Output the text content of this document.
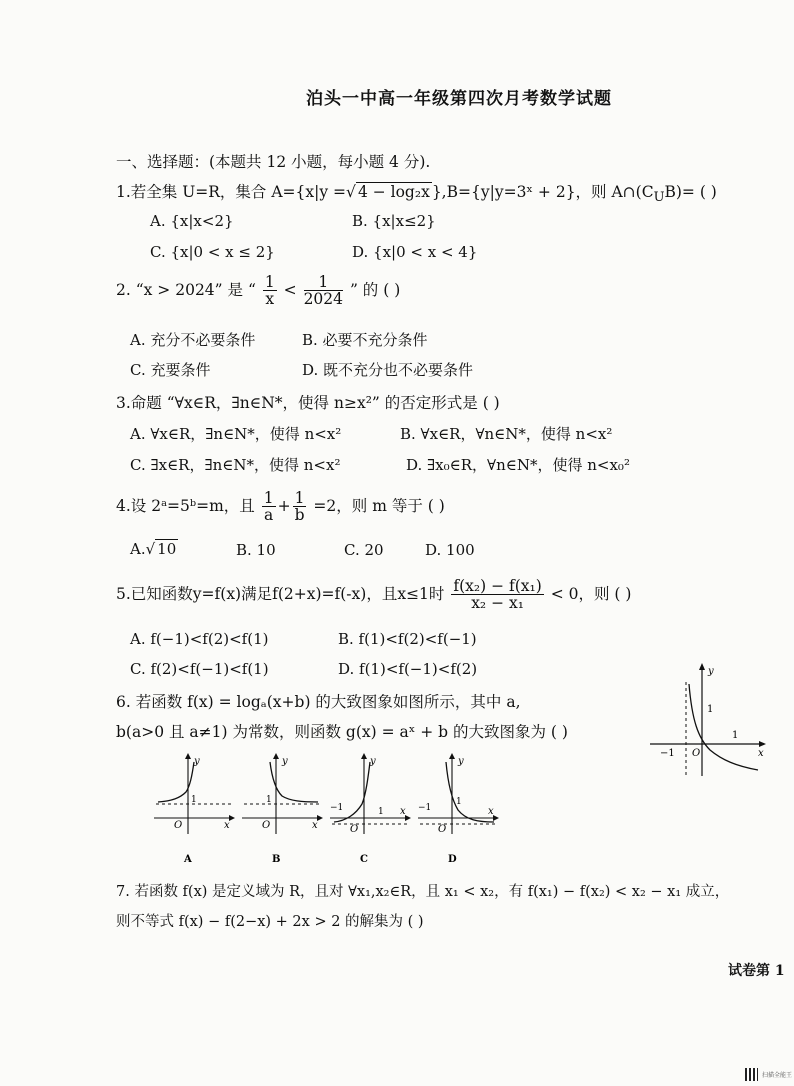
泊头一中高一年级第四次月考数学试题
一、选择题：(本题共 12 小题，每小题 4 分).
1.若全集 U=R，集合 A={x|y =√ 4 − log₂x },B={y|y=3ˣ + 2}，则 $A\cap(C_UB)=$ ( )
A. {x|x<2}	B. {x|x≤2}
C. {x|0 < x ≤ 2}	D. {x|0 < x < 4}
2. “x > 2024” 是 “ $\frac{1}{x} < \frac{1}{2024}$ ” 的 ( )
A. 充分不必要条件	B. 必要不充分条件
C. 充要条件	D. 既不充分也不必要条件
3.命题 “∀x∈R，∃n∈N*，使得 n≥x²” 的否定形式是 ( )
A. ∀x∈R，∃n∈N*，使得 n<x²	B. ∀x∈R，∀n∈N*，使得 n<x²
C. ∃x∈R，∃n∈N*，使得 n<x²	D. ∃x₀∈R，∀n∈N*，使得 n<x₀²
4.设 2ᵃ=5ᵇ=m，且 $\frac{1}{a} + \frac{1}{b} =2$，则 m 等于 ( )
A.√ 10	B. 10	C. 20	D. 100
5.已知函数y=f(x)满足f(2+x)=f(-x)，且x≤1时 $\frac{\text{f(x₂) − f(x₁)}}{\text{x₂ − x₁}} < 0$，则 ( )
A. f(−1)<f(2)<f(1)	B. f(1)<f(2)<f(−1)
C. f(2)<f(−1)<f(1)	D. f(1)<f(−1)<f(2)
6. 若函数 f(x) = logₐ(x+b) 的大致图象如图所示，其中 a,
b(a>0 且 a≠1) 为常数，则函数 g(x) = aˣ + b 的大致图象为 ( )
y
x
−1 O
1
1
y
x
O
1
A
y
x
O
1
B
y
x
O
−1	1
C
y
x
O
−1
1
D
7. 若函数 f(x) 是定义域为 R，且对 ∀x₁,x₂∈R，且 x₁ < x₂，有 f(x₁) − f(x₂) < x₂ − x₁ 成立，
则不等式 f(x) − f(2−x) + 2x > 2 的解集为 ( )
试卷第 1
扫描全能王
